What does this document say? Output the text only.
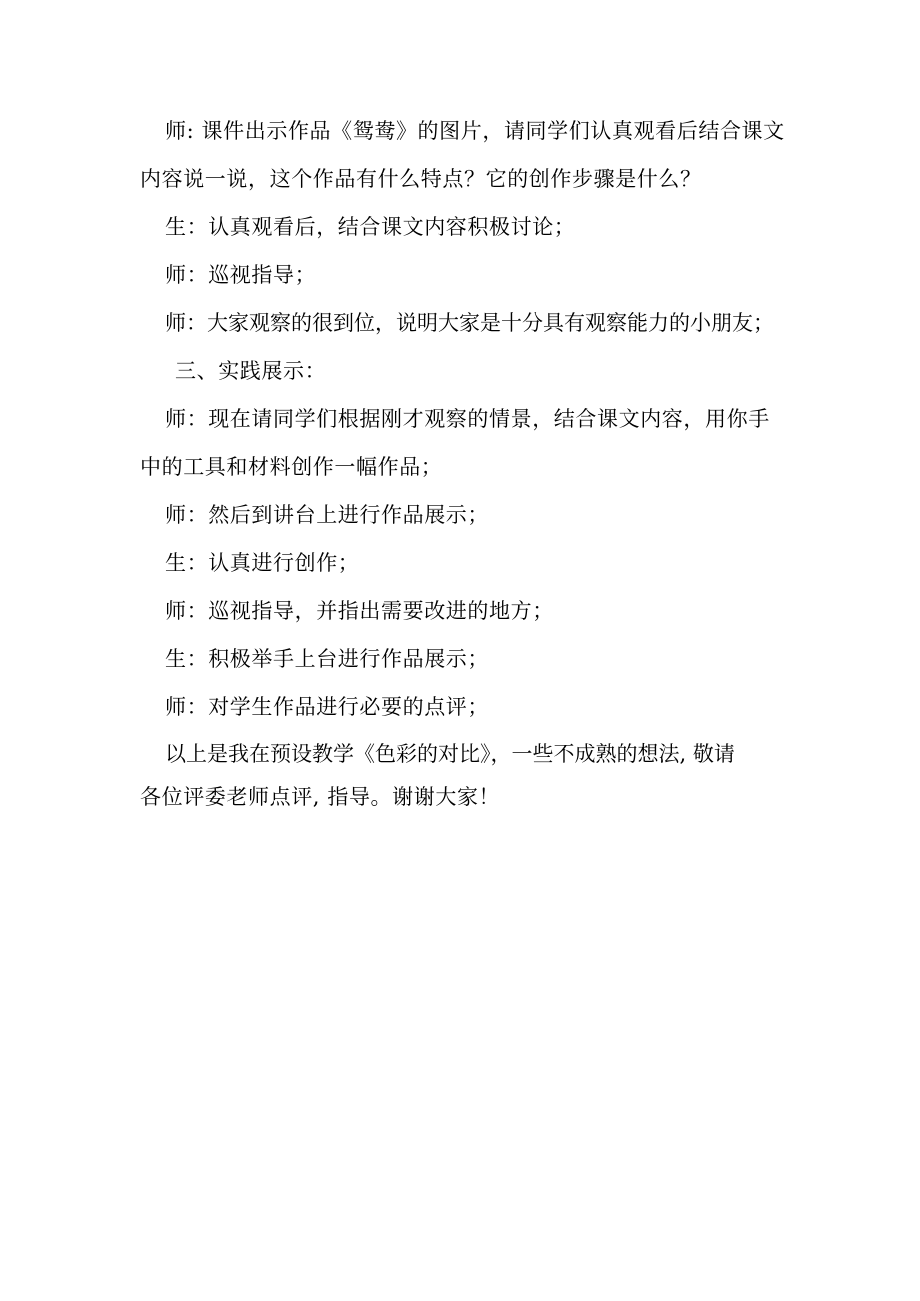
师: 课件出示作品《鸳鸯》的图片，请同学们认真观看后结合课文
内容说一说，这个作品有什么特点？它的创作步骤是什么？
生：认真观看后，结合课文内容积极讨论；
师：巡视指导；
师：大家观察的很到位，说明大家是十分具有观察能力的小朋友；
三、实践展示：
师：现在请同学们根据刚才观察的情景，结合课文内容，用你手
中的工具和材料创作一幅作品；
师：然后到讲台上进行作品展示；
生：认真进行创作；
师：巡视指导，并指出需要改进的地方；
生：积极举手上台进行作品展示；
师：对学生作品进行必要的点评；
以上是我在预设教学《色彩的对比》，一些不成熟的想法, 敬请
各位评委老师点评, 指导。谢谢大家！
